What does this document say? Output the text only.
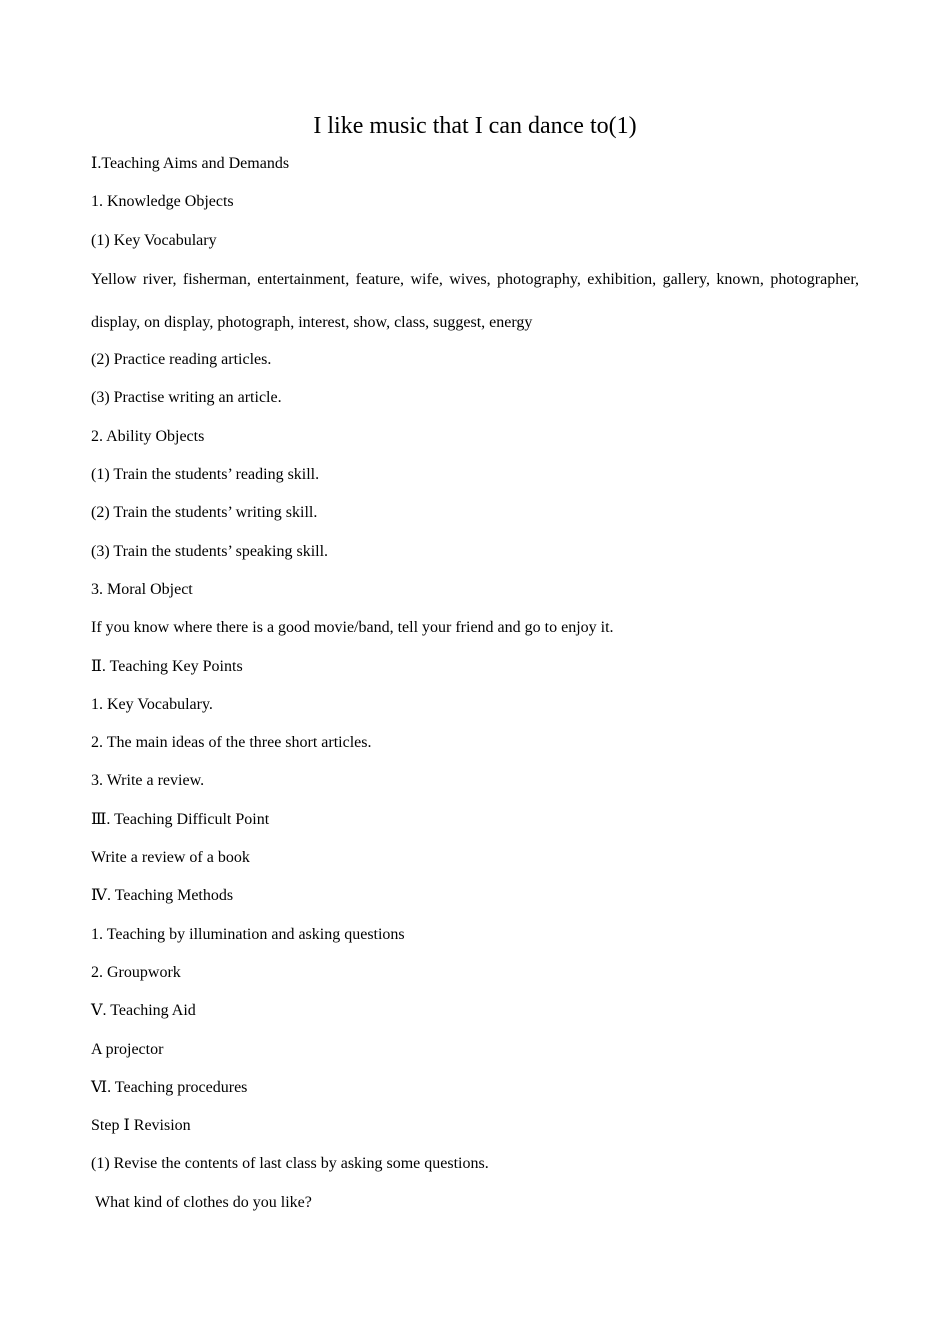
I like music that I can dance to(1)
Ⅰ.Teaching Aims and Demands
1. Knowledge Objects
(1) Key Vocabulary
Yellow river, fisherman, entertainment, feature, wife, wives, photography, exhibition, gallery, known, photographer, display, on display, photograph, interest, show, class, suggest, energy
(2) Practice reading articles.
(3) Practise writing an article.
2. Ability Objects
(1) Train the students’ reading skill.
(2) Train the students’ writing skill.
(3) Train the students’ speaking skill.
3. Moral Object
If you know where there is a good movie/band, tell your friend and go to enjoy it.
Ⅱ. Teaching Key Points
1. Key Vocabulary.
2. The main ideas of the three short articles.
3. Write a review.
Ⅲ. Teaching Difficult Point
Write a review of a book
Ⅳ. Teaching Methods
1. Teaching by illumination and asking questions
2. Groupwork
Ⅴ. Teaching Aid
A projector
Ⅵ. Teaching procedures
Step Ⅰ Revision
(1) Revise the contents of last class by asking some questions.
What kind of clothes do you like?
